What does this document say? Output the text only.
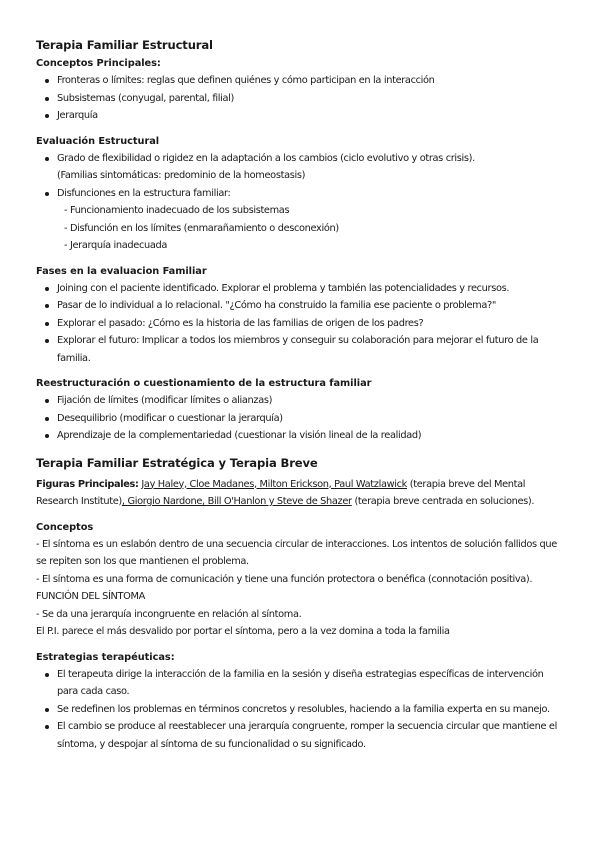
Terapia Familiar Estructural
Conceptos Principales:
Fronteras o límites: reglas que definen quiénes y cómo participan en la interacción
Subsistemas (conyugal, parental, filial)
Jerarquía
Evaluación Estructural
Grado de flexibilidad o rigidez en la adaptación a los cambios (ciclo evolutivo y otras crisis).
(Familias sintomáticas: predominio de la homeostasis)
Disfunciones en la estructura familiar:
- Funcionamiento inadecuado de los subsistemas
- Disfunción en los límites (enmarañamiento o desconexión)
- Jerarquía inadecuada
Fases en la evaluacion Familiar
Joining con el paciente identificado. Explorar el problema y también las potencialidades y recursos.
Pasar de lo individual a lo relacional. "¿Cómo ha construido la familia ese paciente o problema?"
Explorar el pasado: ¿Cómo es la historia de las familias de origen de los padres?
Explorar el futuro: Implicar a todos los miembros y conseguir su colaboración para mejorar el futuro de la familia.
Reestructuración o cuestionamiento de la estructura familiar
Fijación de límites (modificar límites o alianzas)
Desequilibrio (modificar o cuestionar la jerarquía)
Aprendizaje de la complementariedad (cuestionar la visión lineal de la realidad)
Terapia Familiar Estratégica y Terapia Breve

Figuras Principales: Jay Haley, Cloe Madanes, Milton Erickson, Paul Watzlawick (terapia breve del Mental Research Institute), Giorgio Nardone, Bill O'Hanlon y Steve de Shazer (terapia breve centrada en soluciones).

Conceptos

- El síntoma es un eslabón dentro de una secuencia circular de interacciones. Los intentos de solución fallidos que se repiten son los que mantienen el problema.

- El síntoma es una forma de comunicación y tiene una función protectora o benéfica (connotación positiva). FUNCIÓN DEL SÍNTOMA

- Se da una jerarquía incongruente en relación al síntoma.

El P.I. parece el más desvalido por portar el síntoma, pero a la vez domina a toda la familia

Estrategias terapéuticas:
El terapeuta dirige la interacción de la familia en la sesión y diseña estrategias específicas de intervención para cada caso.
Se redefinen los problemas en términos concretos y resolubles, haciendo a la familia experta en su manejo.
El cambio se produce al reestablecer una jerarquía congruente, romper la secuencia circular que mantiene el síntoma, y despojar al síntoma de su funcionalidad o su significado.
